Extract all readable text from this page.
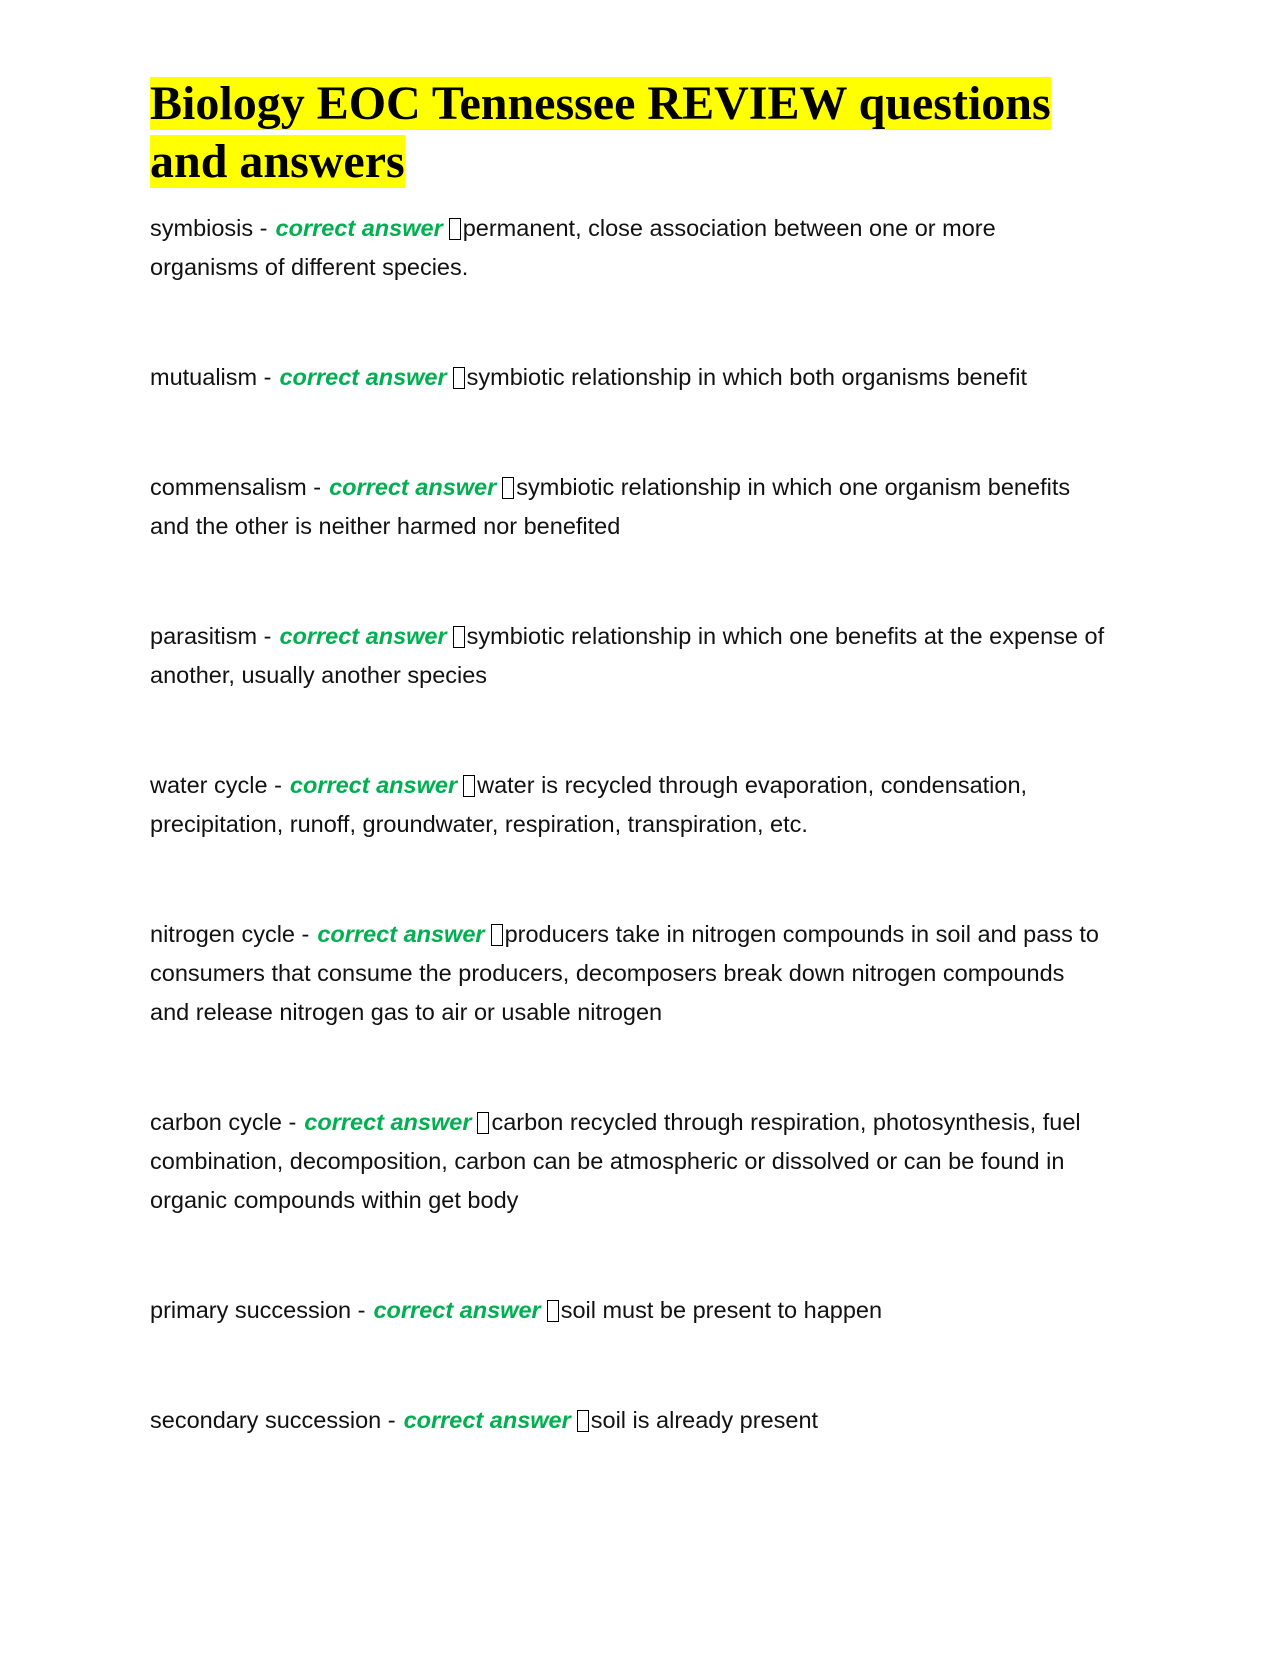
Biology EOC Tennessee REVIEW questions and answers

symbiosis - correct answer permanent, close association between one or more organisms of different species.

mutualism - correct answer symbiotic relationship in which both organisms benefit

commensalism - correct answer symbiotic relationship in which one organism benefits and the other is neither harmed nor benefited

parasitism - correct answer symbiotic relationship in which one benefits at the expense of another, usually another species

water cycle - correct answer water is recycled through evaporation, condensation, precipitation, runoff, groundwater, respiration, transpiration, etc.

nitrogen cycle - correct answer producers take in nitrogen compounds in soil and pass to consumers that consume the producers, decomposers break down nitrogen compounds and release nitrogen gas to air or usable nitrogen

carbon cycle - correct answer carbon recycled through respiration, photosynthesis, fuel combination, decomposition, carbon can be atmospheric or dissolved or can be found in organic compounds within get body

primary succession - correct answer soil must be present to happen

secondary succession - correct answer soil is already present
